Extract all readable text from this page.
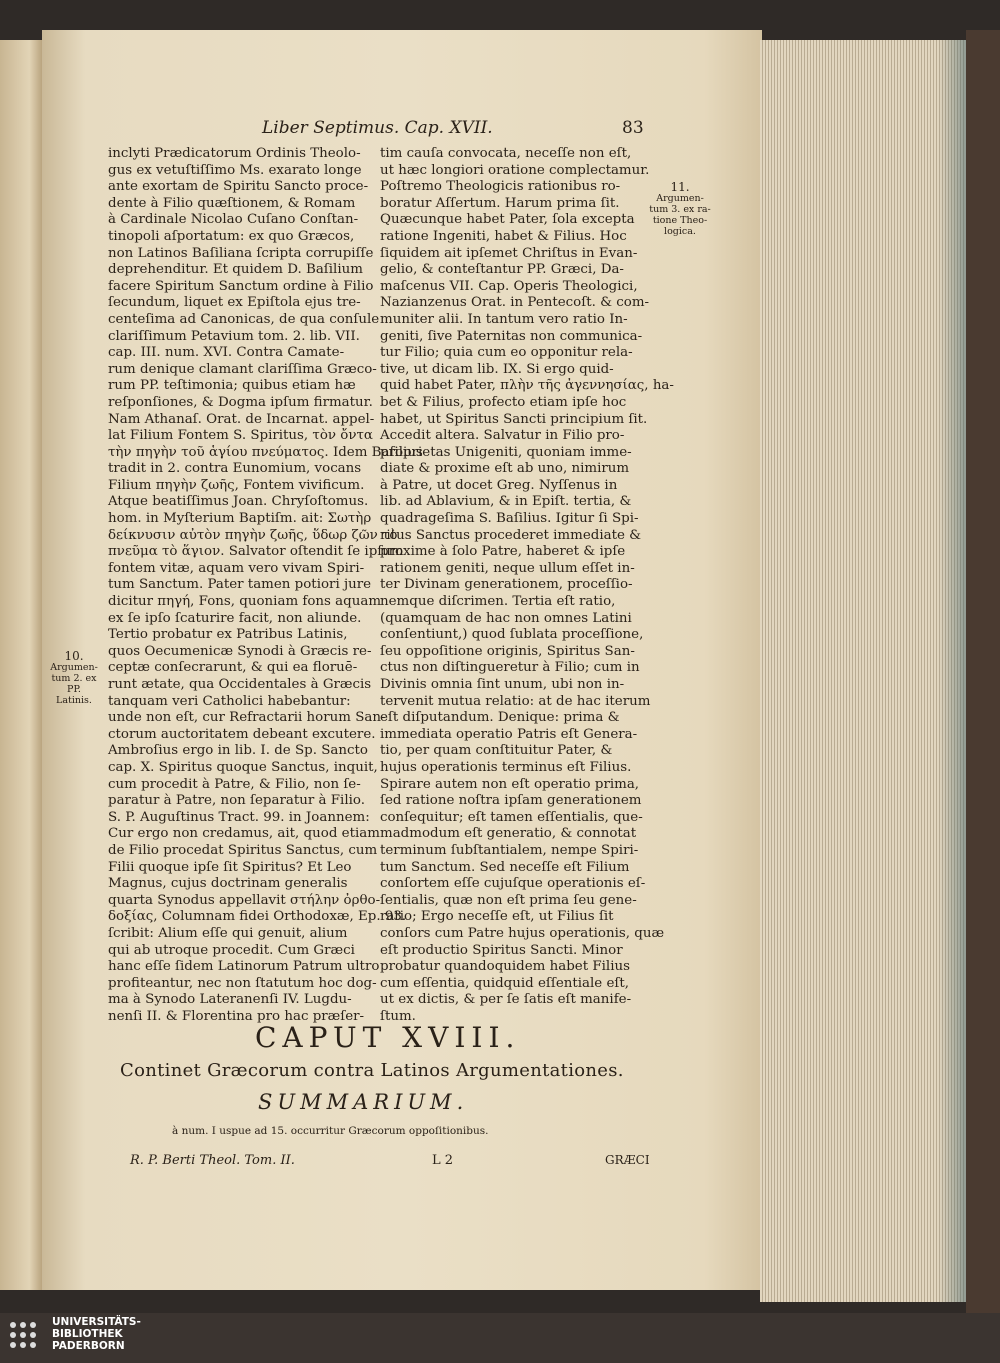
Liber Septimus. Cap. XVII.	83
inclyti Prædicatorum Ordinis Theolo-
gus ex vetuſtiſſimo Ms. exarato longe
ante exortam de Spiritu Sancto proce-
dente à Filio quæſtionem, & Romam
à Cardinale Nicolao Cuſano Conſtan-
tinopoli aſportatum: ex quo Græcos,
non Latinos Baſiliana ſcripta corrupiſſe
deprehenditur. Et quidem D. Baſilium
facere Spiritum Sanctum ordine à Filio
ſecundum, liquet ex Epiſtola ejus tre-
centeſima ad Canonicas, de qua conſule
clariſſimum Petavium tom. 2. lib. VII.
cap. III. num. XVI. Contra Camate-
rum denique clamant clariſſima Græco-
rum PP. teſtimonia; quibus etiam hæ
reſponſiones, & Dogma ipſum firmatur.
Nam Athanaſ. Orat. de Incarnat. appel-
lat Filium Fontem S. Spiritus, τὸν ὄντα
τὴν πηγὴν τοῦ ἁγίου πνεύματος. Idem Baſilius
tradit in 2. contra Eunomium, vocans
Filium πηγὴν ζωῆς, Fontem vivificum.
Atque beatiſſimus Joan. Chryſoſtomus.
hom. in Myſterium Baptiſm. ait: Σωτὴρ
δείκνυσιν αὐτὸν πηγὴν ζωῆς, ὕδωρ ζῶν τὸ
πνεῦμα τὸ ἅγιον. Salvator oſtendit ſe ipſum
fontem vitæ, aquam vero vivam Spiri-
tum Sanctum. Pater tamen potiori jure
dicitur πηγή, Fons, quoniam fons aquam
ex ſe ipſo ſcaturire facit, non aliunde.
Tertio probatur ex Patribus Latinis,
quos Oecumenicæ Synodi à Græcis re-
ceptæ conſecrarunt, & qui ea floruē-
runt ætate, qua Occidentales à Græcis
tanquam veri Catholici habebantur:
unde non eſt, cur Refractarii horum San-
ctorum auctoritatem debeant excutere.
Ambroſius ergo in lib. I. de Sp. Sancto
cap. X. Spiritus quoque Sanctus, inquit,
cum procedit à Patre, & Filio, non ſe-
paratur à Patre, non ſeparatur à Filio.
S. P. Auguſtinus Tract. 99. in Joannem:
Cur ergo non credamus, ait, quod etiam
de Filio procedat Spiritus Sanctus, cum
Filii quoque ipſe ſit Spiritus? Et Leo
Magnus, cujus doctrinam generalis
quarta Synodus appellavit στήλην ὀρθο-
δοξίας, Columnam fidei Orthodoxæ, Ep. 93.
ſcribit: Alium eſſe qui genuit, alium
qui ab utroque procedit. Cum Græci
hanc eſſe ſidem Latinorum Patrum ultro
profiteantur, nec non ſtatutum hoc dog-
ma à Synodo Lateranenſi IV. Lugdu-
nenſi II. & Florentina pro hac præſer-
tim cauſa convocata, neceſſe non eſt,
ut hæc longiori oratione complectamur.
Poſtremo Theologicis rationibus ro-
boratur Aſſertum. Harum prima ſit.
Quæcunque habet Pater, ſola excepta
ratione Ingeniti, habet & Filius. Hoc
ſiquidem ait ipſemet Chriſtus in Evan-
gelio, & conteſtantur PP. Græci, Da-
maſcenus VII. Cap. Operis Theologici,
Nazianzenus Orat. in Pentecoſt. & com-
muniter alii. In tantum vero ratio In-
geniti, ſive Paternitas non communica-
tur Filio; quia cum eo opponitur rela-
tive, ut dicam lib. IX. Si ergo quid-
quid habet Pater, πλὴν τῆς ἀγεννησίας, ha-
bet & Filius, profecto etiam ipſe hoc
habet, ut Spiritus Sancti principium ſit.
Accedit altera. Salvatur in Filio pro-
proprietas Unigeniti, quoniam imme-
diate & proxime eſt ab uno, nimirum
à Patre, ut docet Greg. Nyſſenus in
lib. ad Ablavium, & in Epiſt. tertia, &
quadrageſima S. Baſilius. Igitur ſi Spi-
ritus Sanctus procederet immediate &
proxime à ſolo Patre, haberet & ipſe
rationem geniti, neque ullum eſſet in-
ter Divinam generationem, proceſſio-
nemque diſcrimen. Tertia eſt ratio,
(quamquam de hac non omnes Latini
conſentiunt,) quod ſublata proceſſione,
ſeu oppoſitione originis, Spiritus San-
ctus non diſtingueretur à Filio; cum in
Divinis omnia ſint unum, ubi non in-
tervenit mutua relatio: at de hac iterum
eſt diſputandum. Denique: prima &
immediata operatio Patris eſt Genera-
tio, per quam conſtituitur Pater, &
hujus operationis terminus eſt Filius.
Spirare autem non eſt operatio prima,
ſed ratione noſtra ipſam generationem
conſequitur; eſt tamen eſſentialis, que-
madmodum eſt generatio, & connotat
terminum ſubſtantialem, nempe Spiri-
tum Sanctum. Sed neceſſe eſt Filium
conſortem eſſe cujuſque operationis eſ-
ſentialis, quæ non eſt prima ſeu gene-
ratio; Ergo neceſſe eſt, ut Filius ſit
conſors cum Patre hujus operationis, quæ
eſt productio Spiritus Sancti. Minor
probatur quandoquidem habet Filius
cum eſſentia, quidquid eſſentiale eſt,
ut ex dictis, & per ſe ſatis eſt manife-
ſtum.
10.
Argumen-
tum 2. ex
PP. Latinis.
11.
Argumen-
tum 3. ex ra-
tione Theo-
logica.
CAPUT XVIII.
Continet Græcorum contra Latinos Argumentationes.
SUMMARIUM.
à num. I uspue ad 15. occurritur Græcorum oppoſitionibus.
R. P. Berti Theol. Tom. II.	L 2	GRÆCI
UNIVERSITÄTS-
BIBLIOTHEK
PADERBORN
